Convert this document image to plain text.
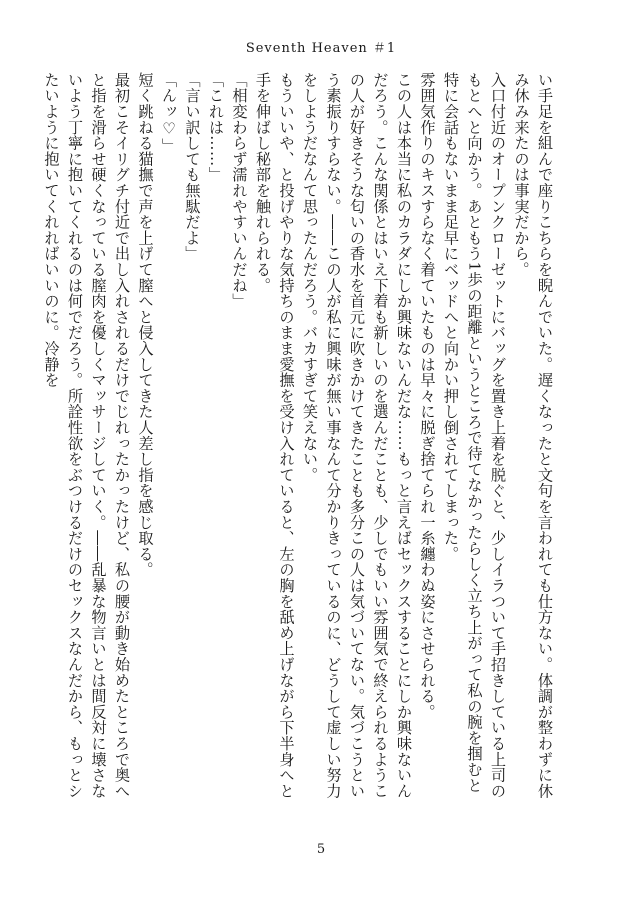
Seventh Heaven ＃1

い手足を組んで座りこちらを睨んでいた。遅くなったと文句を言われても仕方ない。体調が整わずに休み休み来たのは事実だから。

入口付近のオープンクローゼットにバッグを置き上着を脱ぐと、少しイラついて手招きしている上司のもとへと向かう。あともう1歩の距離というところで待てなかったらしく立ち上がって私の腕を掴むと特に会話もないまま足早にベッドへと向かい押し倒されてしまった。

雰囲気作りのキスすらなく着ていたものは早々に脱ぎ捨てられ一糸纏わぬ姿にさせられる。

この人は本当に私のカラダにしか興味ないんだな……もっと言えばセックスすることにしか興味ないんだろう。こんな関係とはいえ下着も新しいのを選んだことも、少しでもいい雰囲気で終えられるようこの人が好きそうな匂いの香水を首元に吹きかけてきたことも多分この人は気づいてない。気づこうという素振りすらない。――この人が私に興味が無い事なんて分かりきっているのに、どうして虚しい努力をしようだなんて思ったんだろう。バカすぎて笑えない。

もういいや、と投げやりな気持ちのまま愛撫を受け入れていると、左の胸を舐め上げながら下半身へと手を伸ばし秘部を触れられる。

「相変わらず濡れやすいんだね」

「これは……」

「言い訳しても無駄だよ」

「んッ♡」

短く跳ねる猫撫で声を上げて膣へと侵入してきた人差し指を感じ取る。

最初こそイリグチ付近で出し入れされるだけでじれったかったけど、私の腰が動き始めたところで奥へと指を滑らせ硬くなっている膣肉を優しくマッサージしていく。――乱暴な物言いとは間反対に壊さないよう丁寧に抱いてくれるのは何でだろう。所詮性欲をぶつけるだけのセックスなんだから、もっとシたいように抱いてくれればいいのに。冷静を

5
